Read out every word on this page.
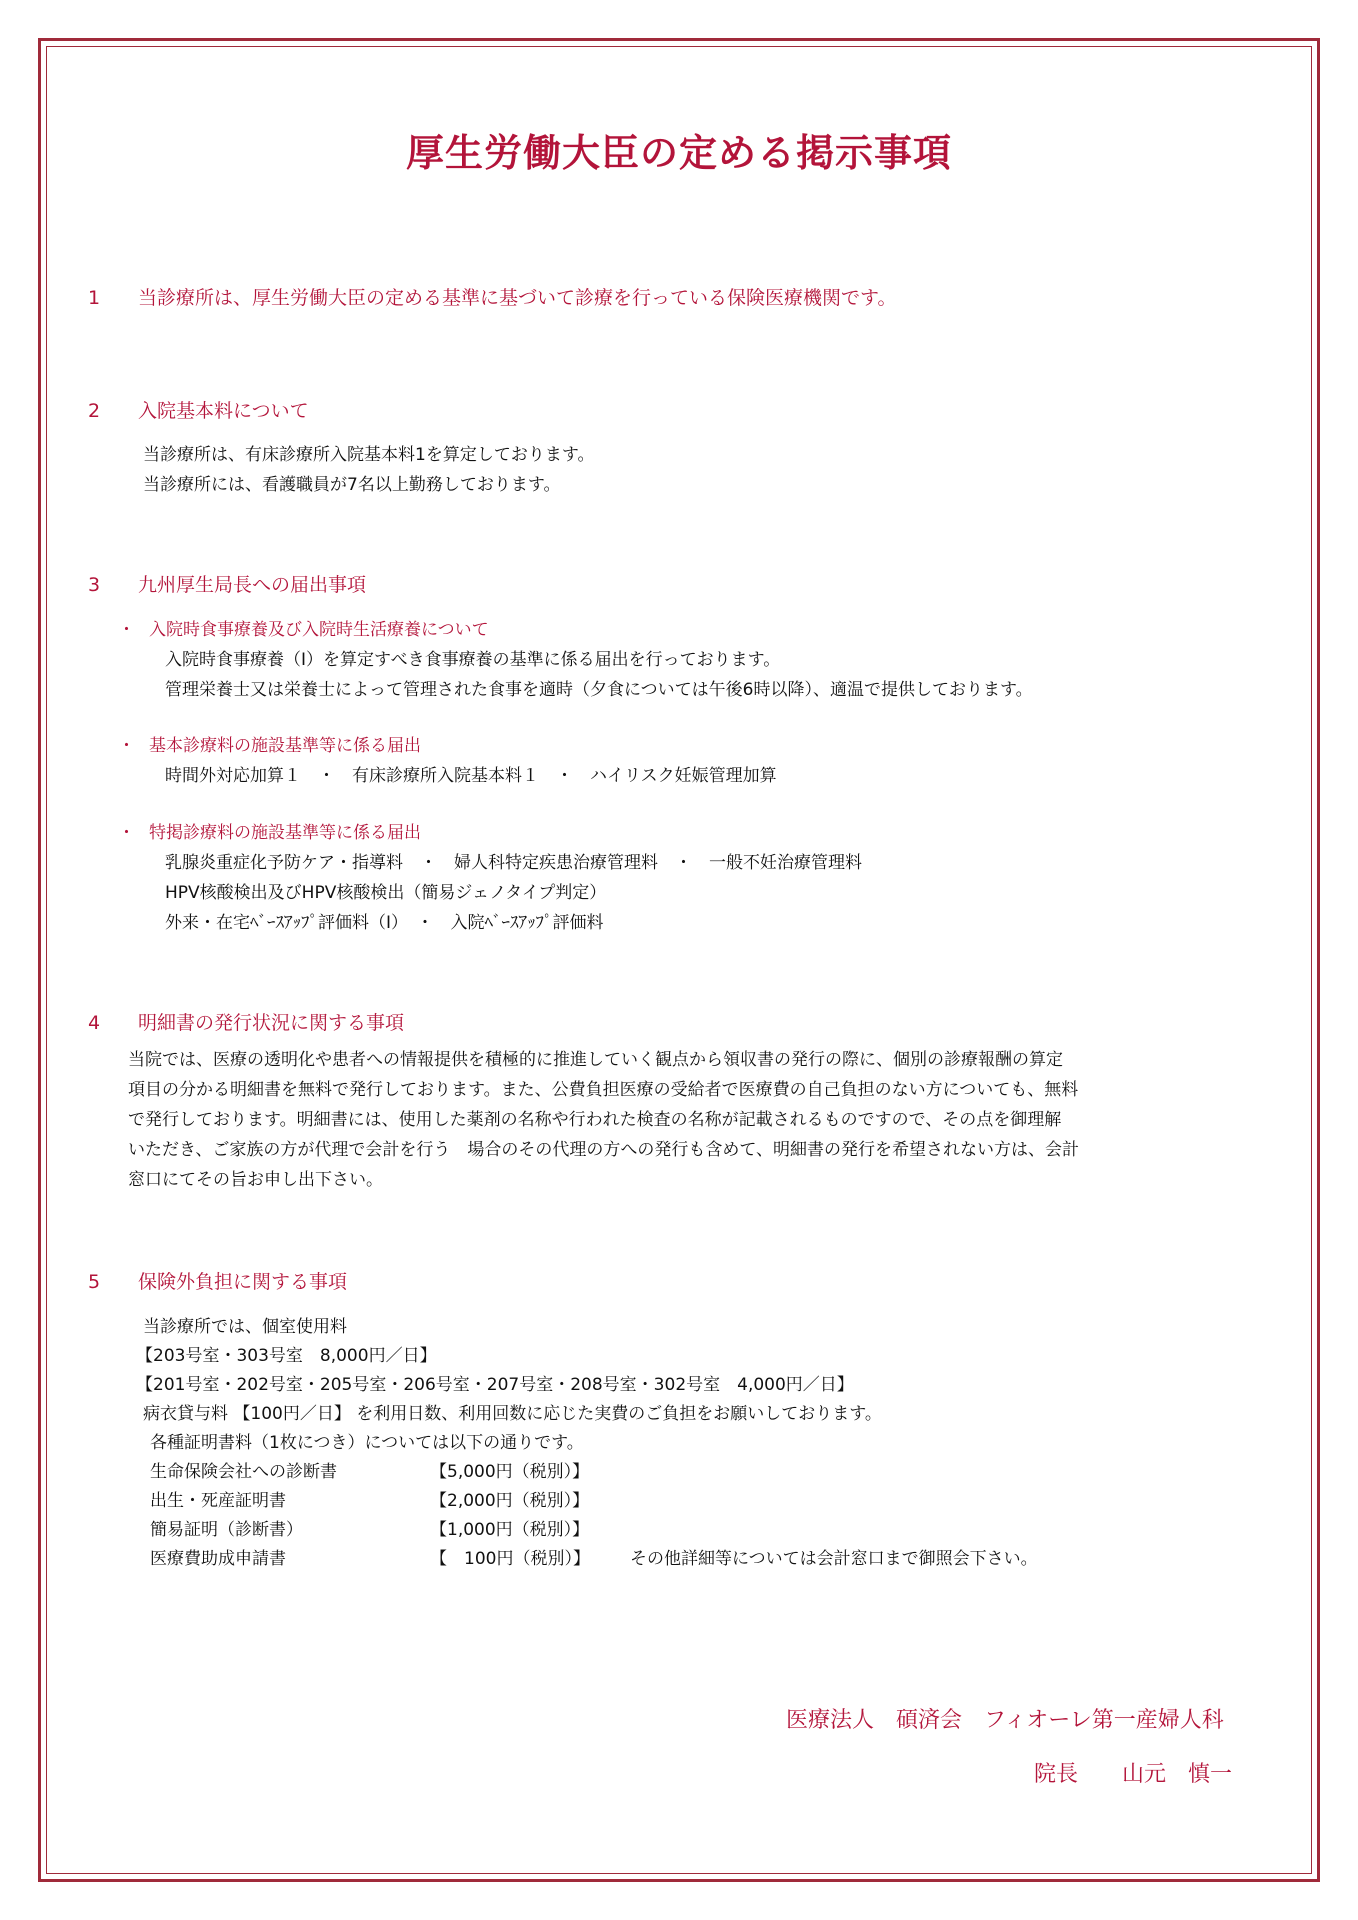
厚生労働大臣の定める掲示事項
1 当診療所は、厚生労働大臣の定める基準に基づいて診療を行っている保険医療機関です。
2 入院基本料について
当診療所は、有床診療所入院基本料1を算定しております。
当診療所には、看護職員が7名以上勤務しております。
3 九州厚生局長への届出事項
・ 入院時食事療養及び入院時生活療養について
入院時食事療養（Ⅰ）を算定すべき食事療養の基準に係る届出を行っております。
管理栄養士又は栄養士によって管理された食事を適時（夕食については午後6時以降）、適温で提供しております。
・ 基本診療料の施設基準等に係る届出
時間外対応加算１　・　有床診療所入院基本料１　・　ハイリスク妊娠管理加算
・ 特掲診療料の施設基準等に係る届出
乳腺炎重症化予防ケア・指導料　・　婦人科特定疾患治療管理料　・　一般不妊治療管理料
HPV核酸検出及びHPV核酸検出（簡易ジェノタイプ判定）
外来・在宅ﾍﾞｰｽｱｯﾌﾟ評価料（Ⅰ）　・　入院ﾍﾞｰｽｱｯﾌﾟ評価料
4 明細書の発行状況に関する事項
当院では、医療の透明化や患者への情報提供を積極的に推進していく観点から領収書の発行の際に、個別の診療報酬の算定
項目の分かる明細書を無料で発行しております。また、公費負担医療の受給者で医療費の自己負担のない方についても、無料
で発行しております。明細書には、使用した薬剤の名称や行われた検査の名称が記載されるものですので、その点を御理解
いただき、ご家族の方が代理で会計を行う　場合のその代理の方への発行も含めて、明細書の発行を希望されない方は、会計
窓口にてその旨お申し出下さい。
5 保険外負担に関する事項
当診療所では、個室使用料
【203号室・303号室　8,000円／日】
【201号室・202号室・205号室・206号室・207号室・208号室・302号室　4,000円／日】
病衣貸与料 【100円／日】 を利用日数、利用回数に応じた実費のご負担をお願いしております。
各種証明書料（1枚につき）については以下の通りです。
生命保険会社への診断書	【5,000円（税別）】
出生・死産証明書	【2,000円（税別）】
簡易証明（診断書）	【1,000円（税別）】
医療費助成申請書	【　100円（税別）】 その他詳細等については会計窓口まで御照会下さい。
医療法人　碩済会　フィオーレ第一産婦人科
院長　　山元　慎一
